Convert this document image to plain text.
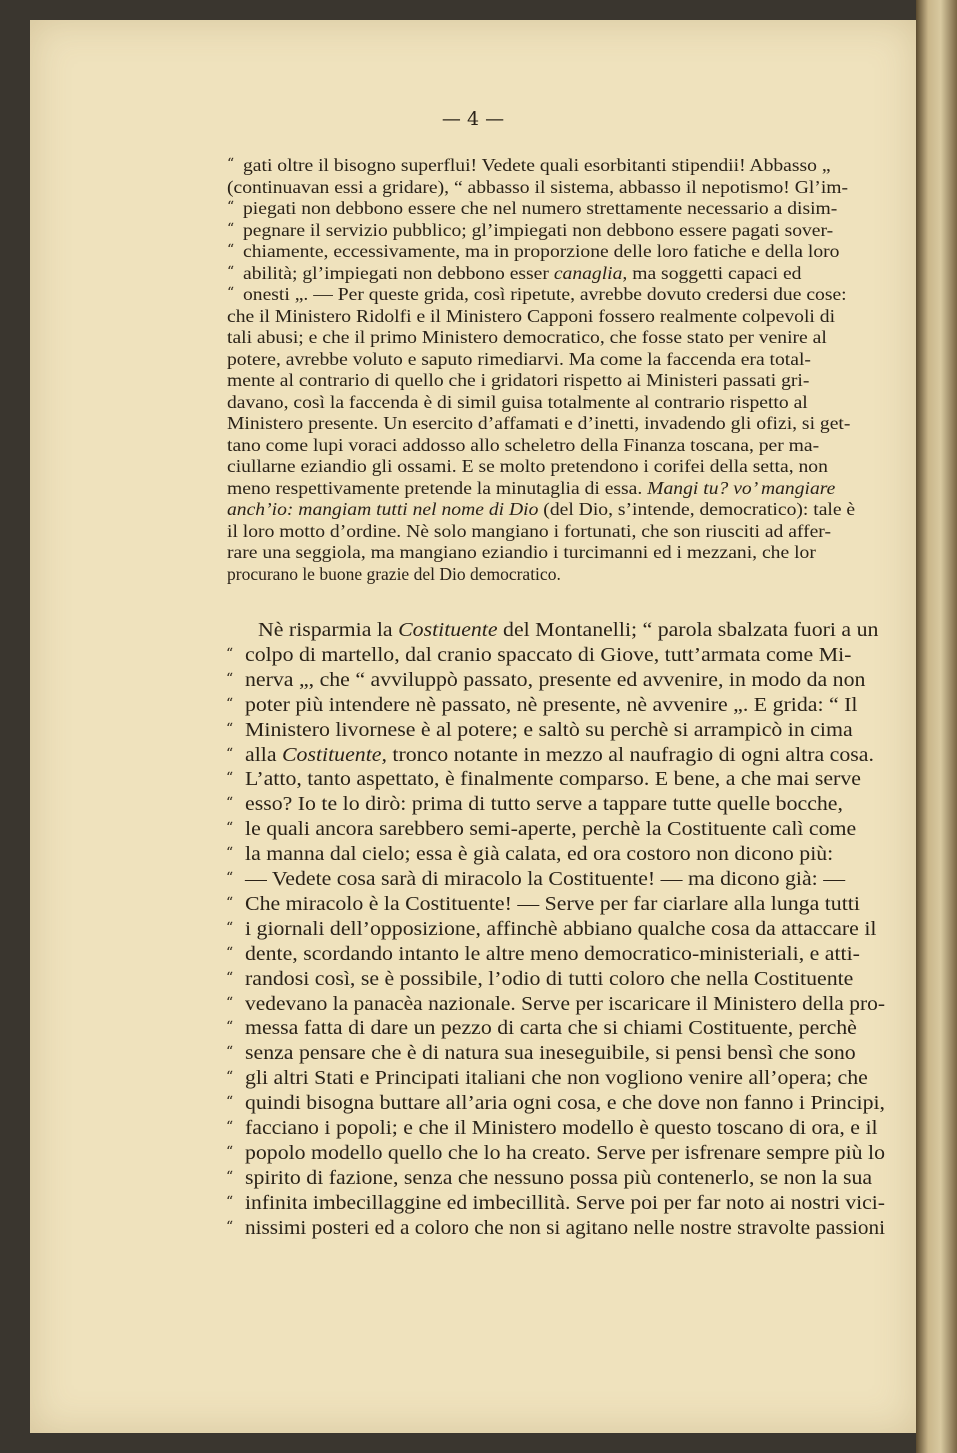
— 4 —
“ gati oltre il bisogno superflui! Vedete quali esorbitanti stipendii! Abbasso „
(continuavan essi a gridare), “ abbasso il sistema, abbasso il nepotismo! Gl’im-
“ piegati non debbono essere che nel numero strettamente necessario a disim-
“ pegnare il servizio pubblico; gl’impiegati non debbono essere pagati sover-
“ chiamente, eccessivamente, ma in proporzione delle loro fatiche e della loro
“ abilità; gl’impiegati non debbono esser canaglia, ma soggetti capaci ed
“ onesti „. — Per queste grida, così ripetute, avrebbe dovuto credersi due cose:
che il Ministero Ridolfi e il Ministero Capponi fossero realmente colpevoli di
tali abusi; e che il primo Ministero democratico, che fosse stato per venire al
potere, avrebbe voluto e saputo rimediarvi. Ma come la faccenda era total-
mente al contrario di quello che i gridatori rispetto ai Ministeri passati gri-
davano, così la faccenda è di simil guisa totalmente al contrario rispetto al
Ministero presente. Un esercito d’affamati e d’inetti, invadendo gli ofizi, si get-
tano come lupi voraci addosso allo scheletro della Finanza toscana, per ma-
ciullarne eziandio gli ossami. E se molto pretendono i corifei della setta, non
meno respettivamente pretende la minutaglia di essa. Mangi tu? vo’ mangiare
anch’io: mangiam tutti nel nome di Dio (del Dio, s’intende, democratico): tale è
il loro motto d’ordine. Nè solo mangiano i fortunati, che son riusciti ad affer-
rare una seggiola, ma mangiano eziandio i turcimanni ed i mezzani, che lor
procurano le buone grazie del Dio democratico.
Nè risparmia la Costituente del Montanelli; “ parola sbalzata fuori a un
“ colpo di martello, dal cranio spaccato di Giove, tutt’armata come Mi-
“ nerva „, che “ avviluppò passato, presente ed avvenire, in modo da non
“ poter più intendere nè passato, nè presente, nè avvenire „. E grida: “ Il
“ Ministero livornese è al potere; e saltò su perchè si arrampicò in cima
“ alla Costituente, tronco notante in mezzo al naufragio di ogni altra cosa.
“ L’atto, tanto aspettato, è finalmente comparso. E bene, a che mai serve
“ esso? Io te lo dirò: prima di tutto serve a tappare tutte quelle bocche,
“ le quali ancora sarebbero semi-aperte, perchè la Costituente calì come
“ la manna dal cielo; essa è già calata, ed ora costoro non dicono più:
“ — Vedete cosa sarà di miracolo la Costituente! — ma dicono già: —
“ Che miracolo è la Costituente! — Serve per far ciarlare alla lunga tutti
“ i giornali dell’opposizione, affinchè abbiano qualche cosa da attaccare il
“ dente, scordando intanto le altre meno democratico-ministeriali, e atti-
“ randosi così, se è possibile, l’odio di tutti coloro che nella Costituente
“ vedevano la panacèa nazionale. Serve per iscaricare il Ministero della pro-
“ messa fatta di dare un pezzo di carta che si chiami Costituente, perchè
“ senza pensare che è di natura sua ineseguibile, si pensi bensì che sono
“ gli altri Stati e Principati italiani che non vogliono venire all’opera; che
“ quindi bisogna buttare all’aria ogni cosa, e che dove non fanno i Principi,
“ facciano i popoli; e che il Ministero modello è questo toscano di ora, e il
“ popolo modello quello che lo ha creato. Serve per isfrenare sempre più lo
“ spirito di fazione, senza che nessuno possa più contenerlo, se non la sua
“ infinita imbecillaggine ed imbecillità. Serve poi per far noto ai nostri vici-
“ nissimi posteri ed a coloro che non si agitano nelle nostre stravolte passioni
